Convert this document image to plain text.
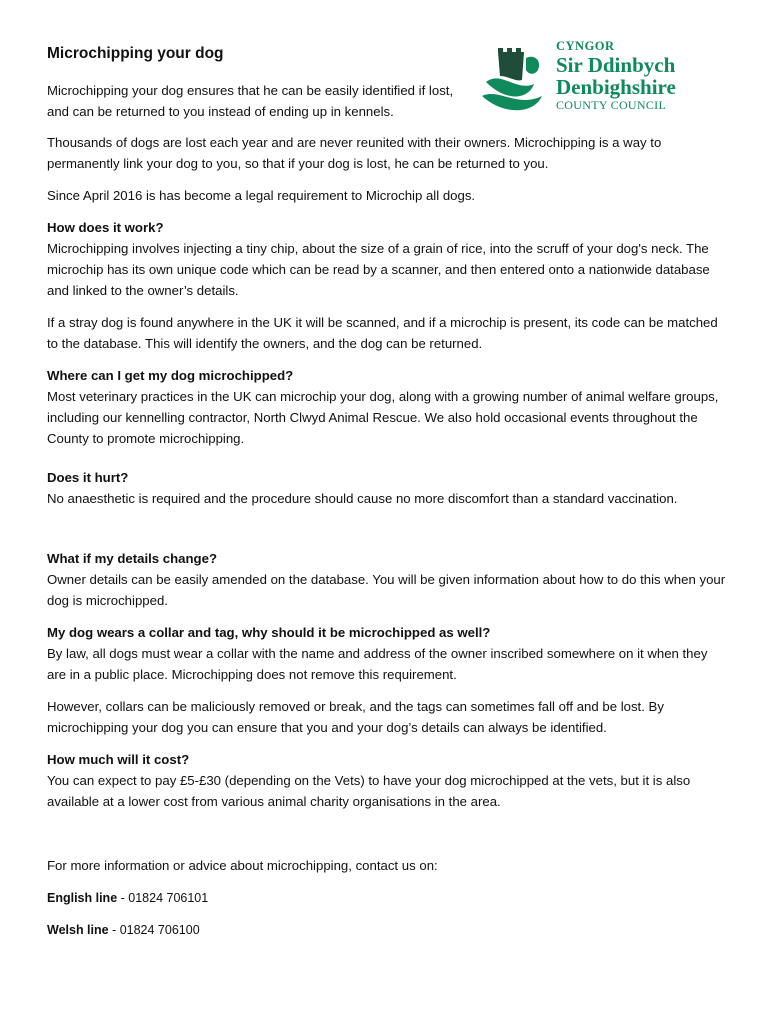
CYNGOR
Sir Ddinbych
Denbighshire
COUNTY COUNCIL
Microchipping your dog

Microchipping your dog ensures that he can be easily identified if lost, and can be returned to you instead of ending up in kennels.

Thousands of dogs are lost each year and are never reunited with their owners. Microchipping is a way to permanently link your dog to you, so that if your dog is lost, he can be returned to you.

Since April 2016 is has become a legal requirement to Microchip all dogs.

How does it work?

Microchipping involves injecting a tiny chip, about the size of a grain of rice, into the scruff of your dog's neck. The microchip has its own unique code which can be read by a scanner, and then entered onto a nationwide database and linked to the owner’s details.

If a stray dog is found anywhere in the UK it will be scanned, and if a microchip is present, its code can be matched to the database. This will identify the owners, and the dog can be returned.

Where can I get my dog microchipped?

Most veterinary practices in the UK can microchip your dog, along with a growing number of animal welfare groups, including our kennelling contractor, North Clwyd Animal Rescue. We also hold occasional events throughout the County to promote microchipping.

Does it hurt?

No anaesthetic is required and the procedure should cause no more discomfort than a standard vaccination.

What if my details change?

Owner details can be easily amended on the database. You will be given information about how to do this when your dog is microchipped.

My dog wears a collar and tag, why should it be microchipped as well?

By law, all dogs must wear a collar with the name and address of the owner inscribed somewhere on it when they are in a public place. Microchipping does not remove this requirement.

However, collars can be maliciously removed or break, and the tags can sometimes fall off and be lost. By microchipping your dog you can ensure that you and your dog’s details can always be identified.

How much will it cost?

You can expect to pay £5-£30 (depending on the Vets) to have your dog microchipped at the vets, but it is also available at a lower cost from various animal charity organisations in the area.

For more information or advice about microchipping, contact us on:

English line - 01824 706101

Welsh line - 01824 706100
